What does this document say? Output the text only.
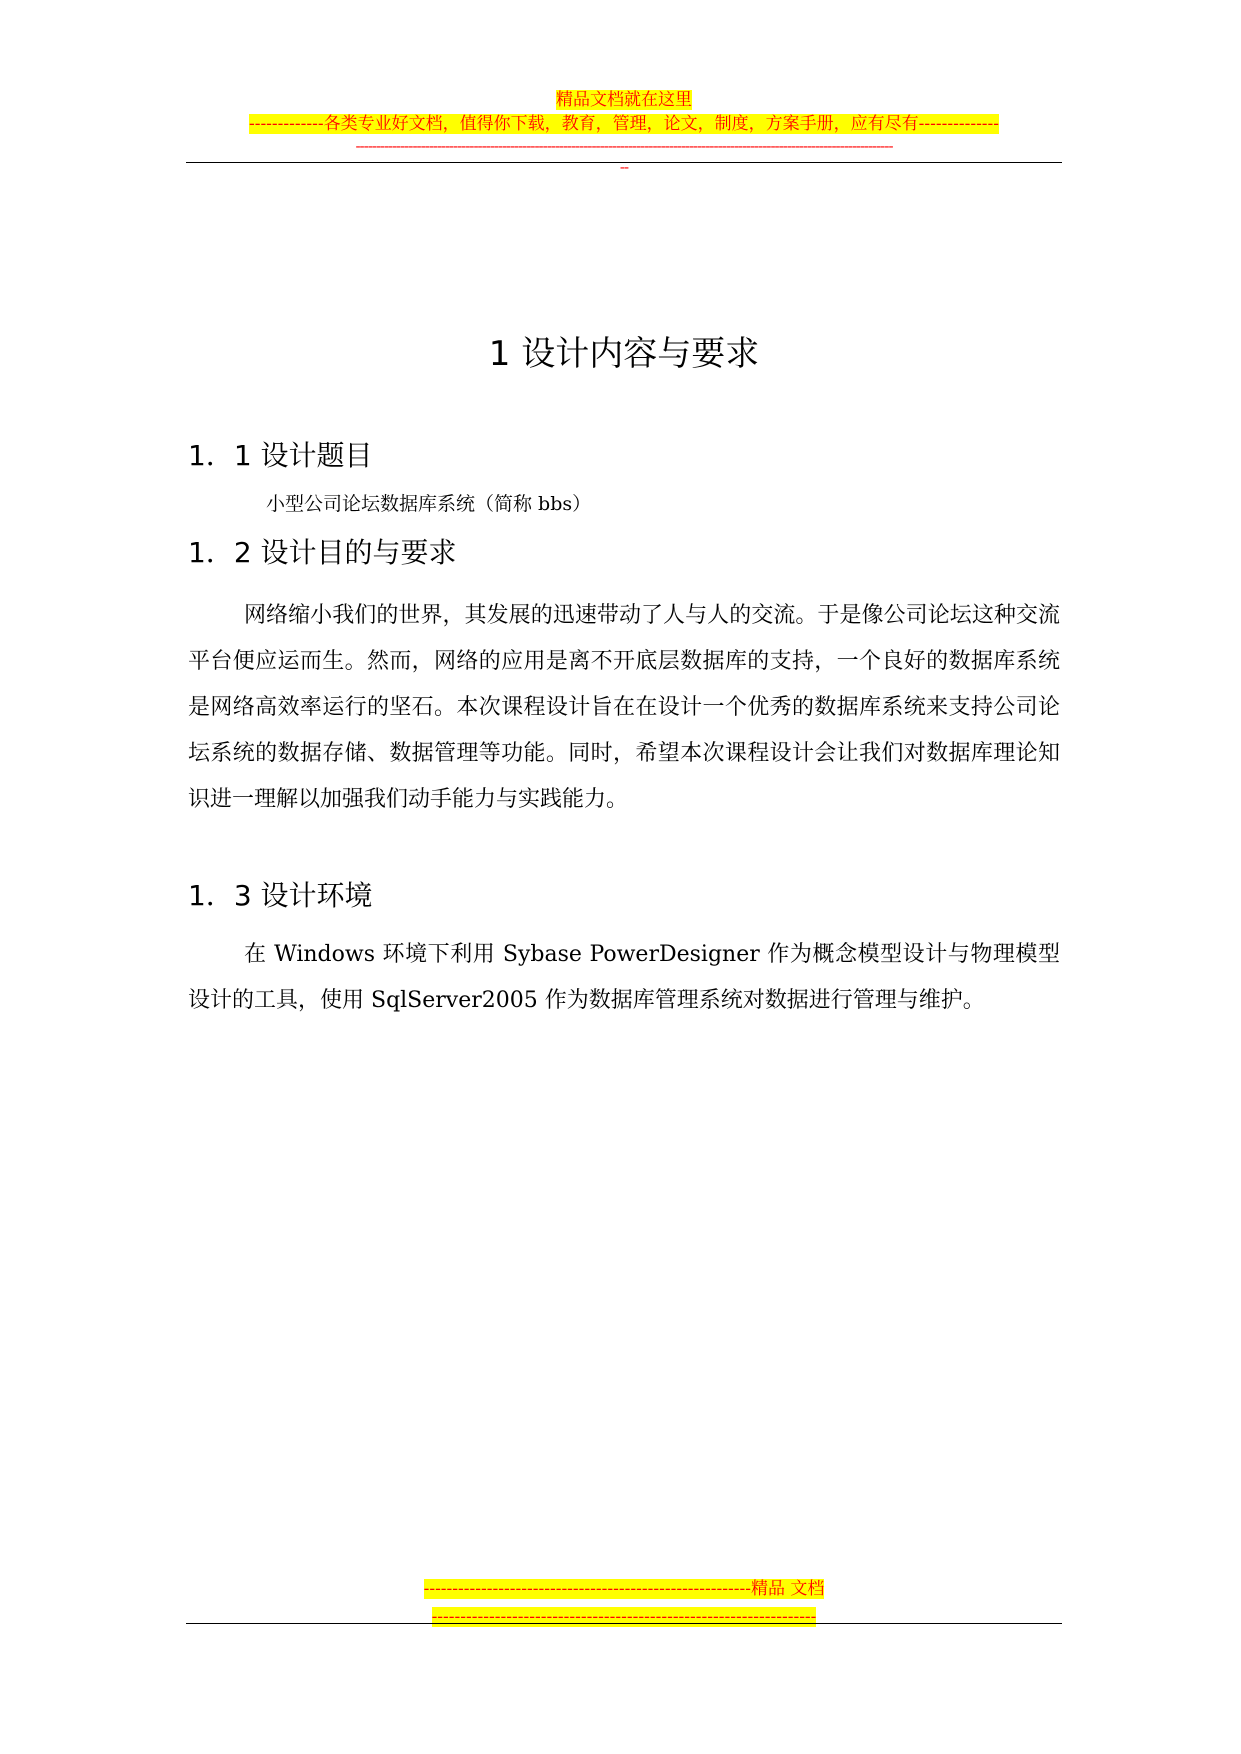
精品文档就在这里
-------------各类专业好文档，值得你下载，教育，管理，论文，制度，方案手册，应有尽有--------------
------------------------------------------------------------------------------------------------------------------------------------
--
1 设计内容与要求
1．1 设计题目

小型公司论坛数据库系统（简称 bbs）

1．2 设计目的与要求

网络缩小我们的世界，其发展的迅速带动了人与人的交流。于是像公司论坛这种交流平台便应运而生。然而，网络的应用是离不开底层数据库的支持，一个良好的数据库系统是网络高效率运行的坚石。本次课程设计旨在在设计一个优秀的数据库系统来支持公司论坛系统的数据存储、数据管理等功能。同时，希望本次课程设计会让我们对数据库理论知识进一理解以加强我们动手能力与实践能力。

1．3 设计环境

在 Windows 环境下利用 Sybase PowerDesigner 作为概念模型设计与物理模型设计的工具，使用 SqlServer2005 作为数据库管理系统对数据进行管理与维护。

---------------------------------------------------------精品 文档
-------------------------------------------------------------------
